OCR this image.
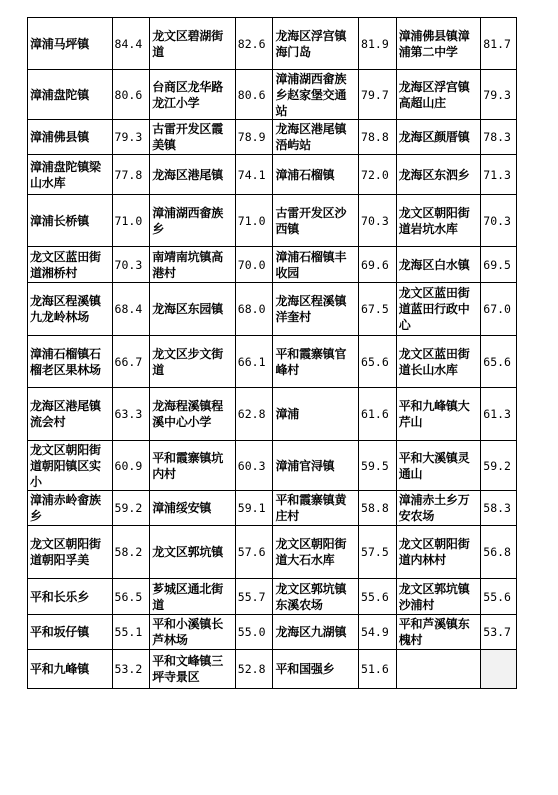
漳浦马坪镇	84.4	龙文区碧湖街道	82.6	龙海区浮宫镇海门岛	81.9	漳浦佛县镇漳浦第二中学	81.7
漳浦盘陀镇	80.6	台商区龙华路龙江小学	80.6	漳浦湖西畲族乡赵家堡交通站	79.7	龙海区浮宫镇高超山庄	79.3
漳浦佛县镇	79.3	古雷开发区霞美镇	78.9	龙海区港尾镇浯屿站	78.8	龙海区颜厝镇	78.3
漳浦盘陀镇梁山水库	77.8	龙海区港尾镇	74.1	漳浦石榴镇	72.0	龙海区东泗乡	71.3
漳浦长桥镇	71.0	漳浦湖西畲族乡	71.0	古雷开发区沙西镇	70.3	龙文区朝阳街道岩坑水库	70.3
龙文区蓝田街道湘桥村	70.3	南靖南坑镇高港村	70.0	漳浦石榴镇丰收园	69.6	龙海区白水镇	69.5
龙海区程溪镇九龙岭林场	68.4	龙海区东园镇	68.0	龙海区程溪镇洋奎村	67.5	龙文区蓝田街道蓝田行政中心	67.0
漳浦石榴镇石榴老区果林场	66.7	龙文区步文街道	66.1	平和霞寨镇官峰村	65.6	龙文区蓝田街道长山水库	65.6
龙海区港尾镇流会村	63.3	龙海程溪镇程溪中心小学	62.8	漳浦	61.6	平和九峰镇大芹山	61.3
龙文区朝阳街道朝阳镇区实小	60.9	平和霞寨镇坑内村	60.3	漳浦官浔镇	59.5	平和大溪镇灵通山	59.2
漳浦赤岭畲族乡	59.2	漳浦绥安镇	59.1	平和霞寨镇黄庄村	58.8	漳浦赤土乡万安农场	58.3
龙文区朝阳街道朝阳孚美	58.2	龙文区郭坑镇	57.6	龙文区朝阳街道大石水库	57.5	龙文区朝阳街道内林村	56.8
平和长乐乡	56.5	芗城区通北街道	55.7	龙文区郭坑镇东溪农场	55.6	龙文区郭坑镇沙浦村	55.6
平和坂仔镇	55.1	平和小溪镇长芦林场	55.0	龙海区九湖镇	54.9	平和芦溪镇东槐村	53.7
平和九峰镇	53.2	平和文峰镇三坪寺景区	52.8	平和国强乡	51.6		
